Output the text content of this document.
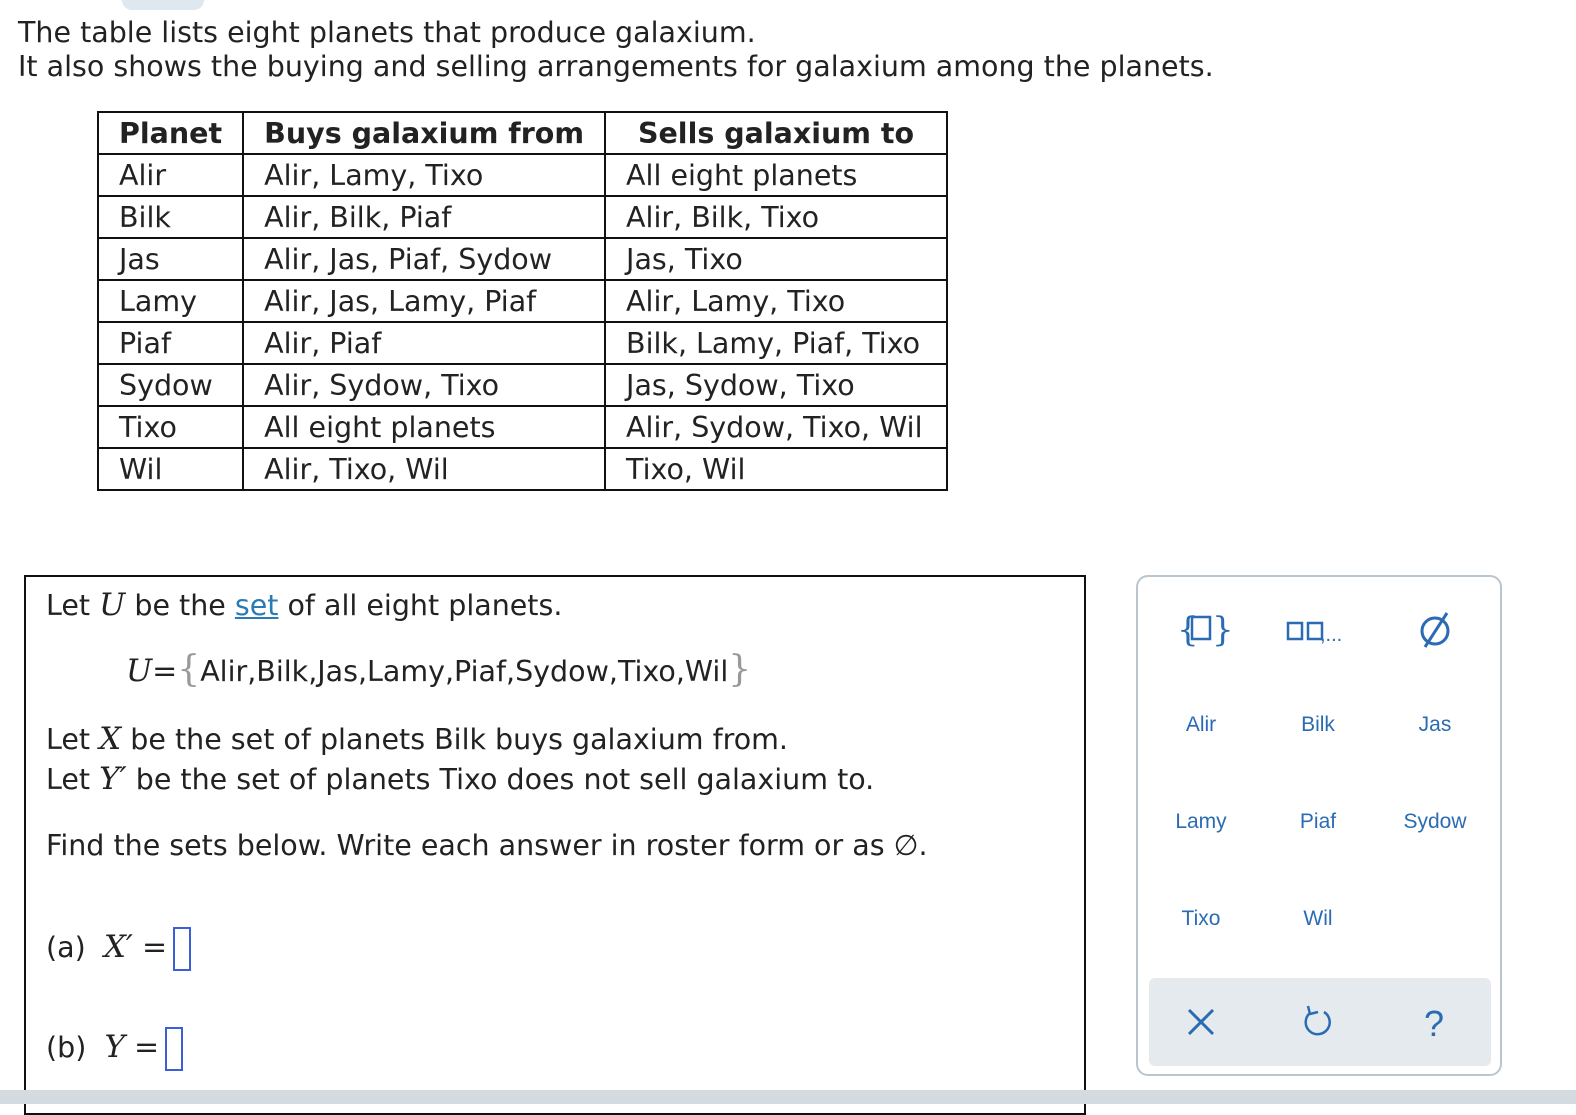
The table lists eight planets that produce galaxium.
It also shows the buying and selling arrangements for galaxium among the planets.
Planet	Buys galaxium from	Sells galaxium to
Alir	Alir, Lamy, Tixo	All eight planets
Bilk	Alir, Bilk, Piaf	Alir, Bilk, Tixo
Jas	Alir, Jas, Piaf, Sydow	Jas, Tixo
Lamy	Alir, Jas, Lamy, Piaf	Alir, Lamy, Tixo
Piaf	Alir, Piaf	Bilk, Lamy, Piaf, Tixo
Sydow	Alir, Sydow, Tixo	Jas, Sydow, Tixo
Tixo	All eight planets	Alir, Sydow, Tixo, Wil
Wil	Alir, Tixo, Wil	Tixo, Wil
Let U be the set of all eight planets.
U={Alir,Bilk,Jas,Lamy,Piaf,Sydow,Tixo,Wil}
Let X be the set of planets Bilk buys galaxium from.
Let Y′ be the set of planets Tixo does not sell galaxium to.
Find the sets below. Write each answer in roster form or as ∅.
(a) X′ =
(b) Y =
{ }	,...
Alir	Bilk	Jas
Lamy	Piaf	Sydow
Tixo	Wil
?
